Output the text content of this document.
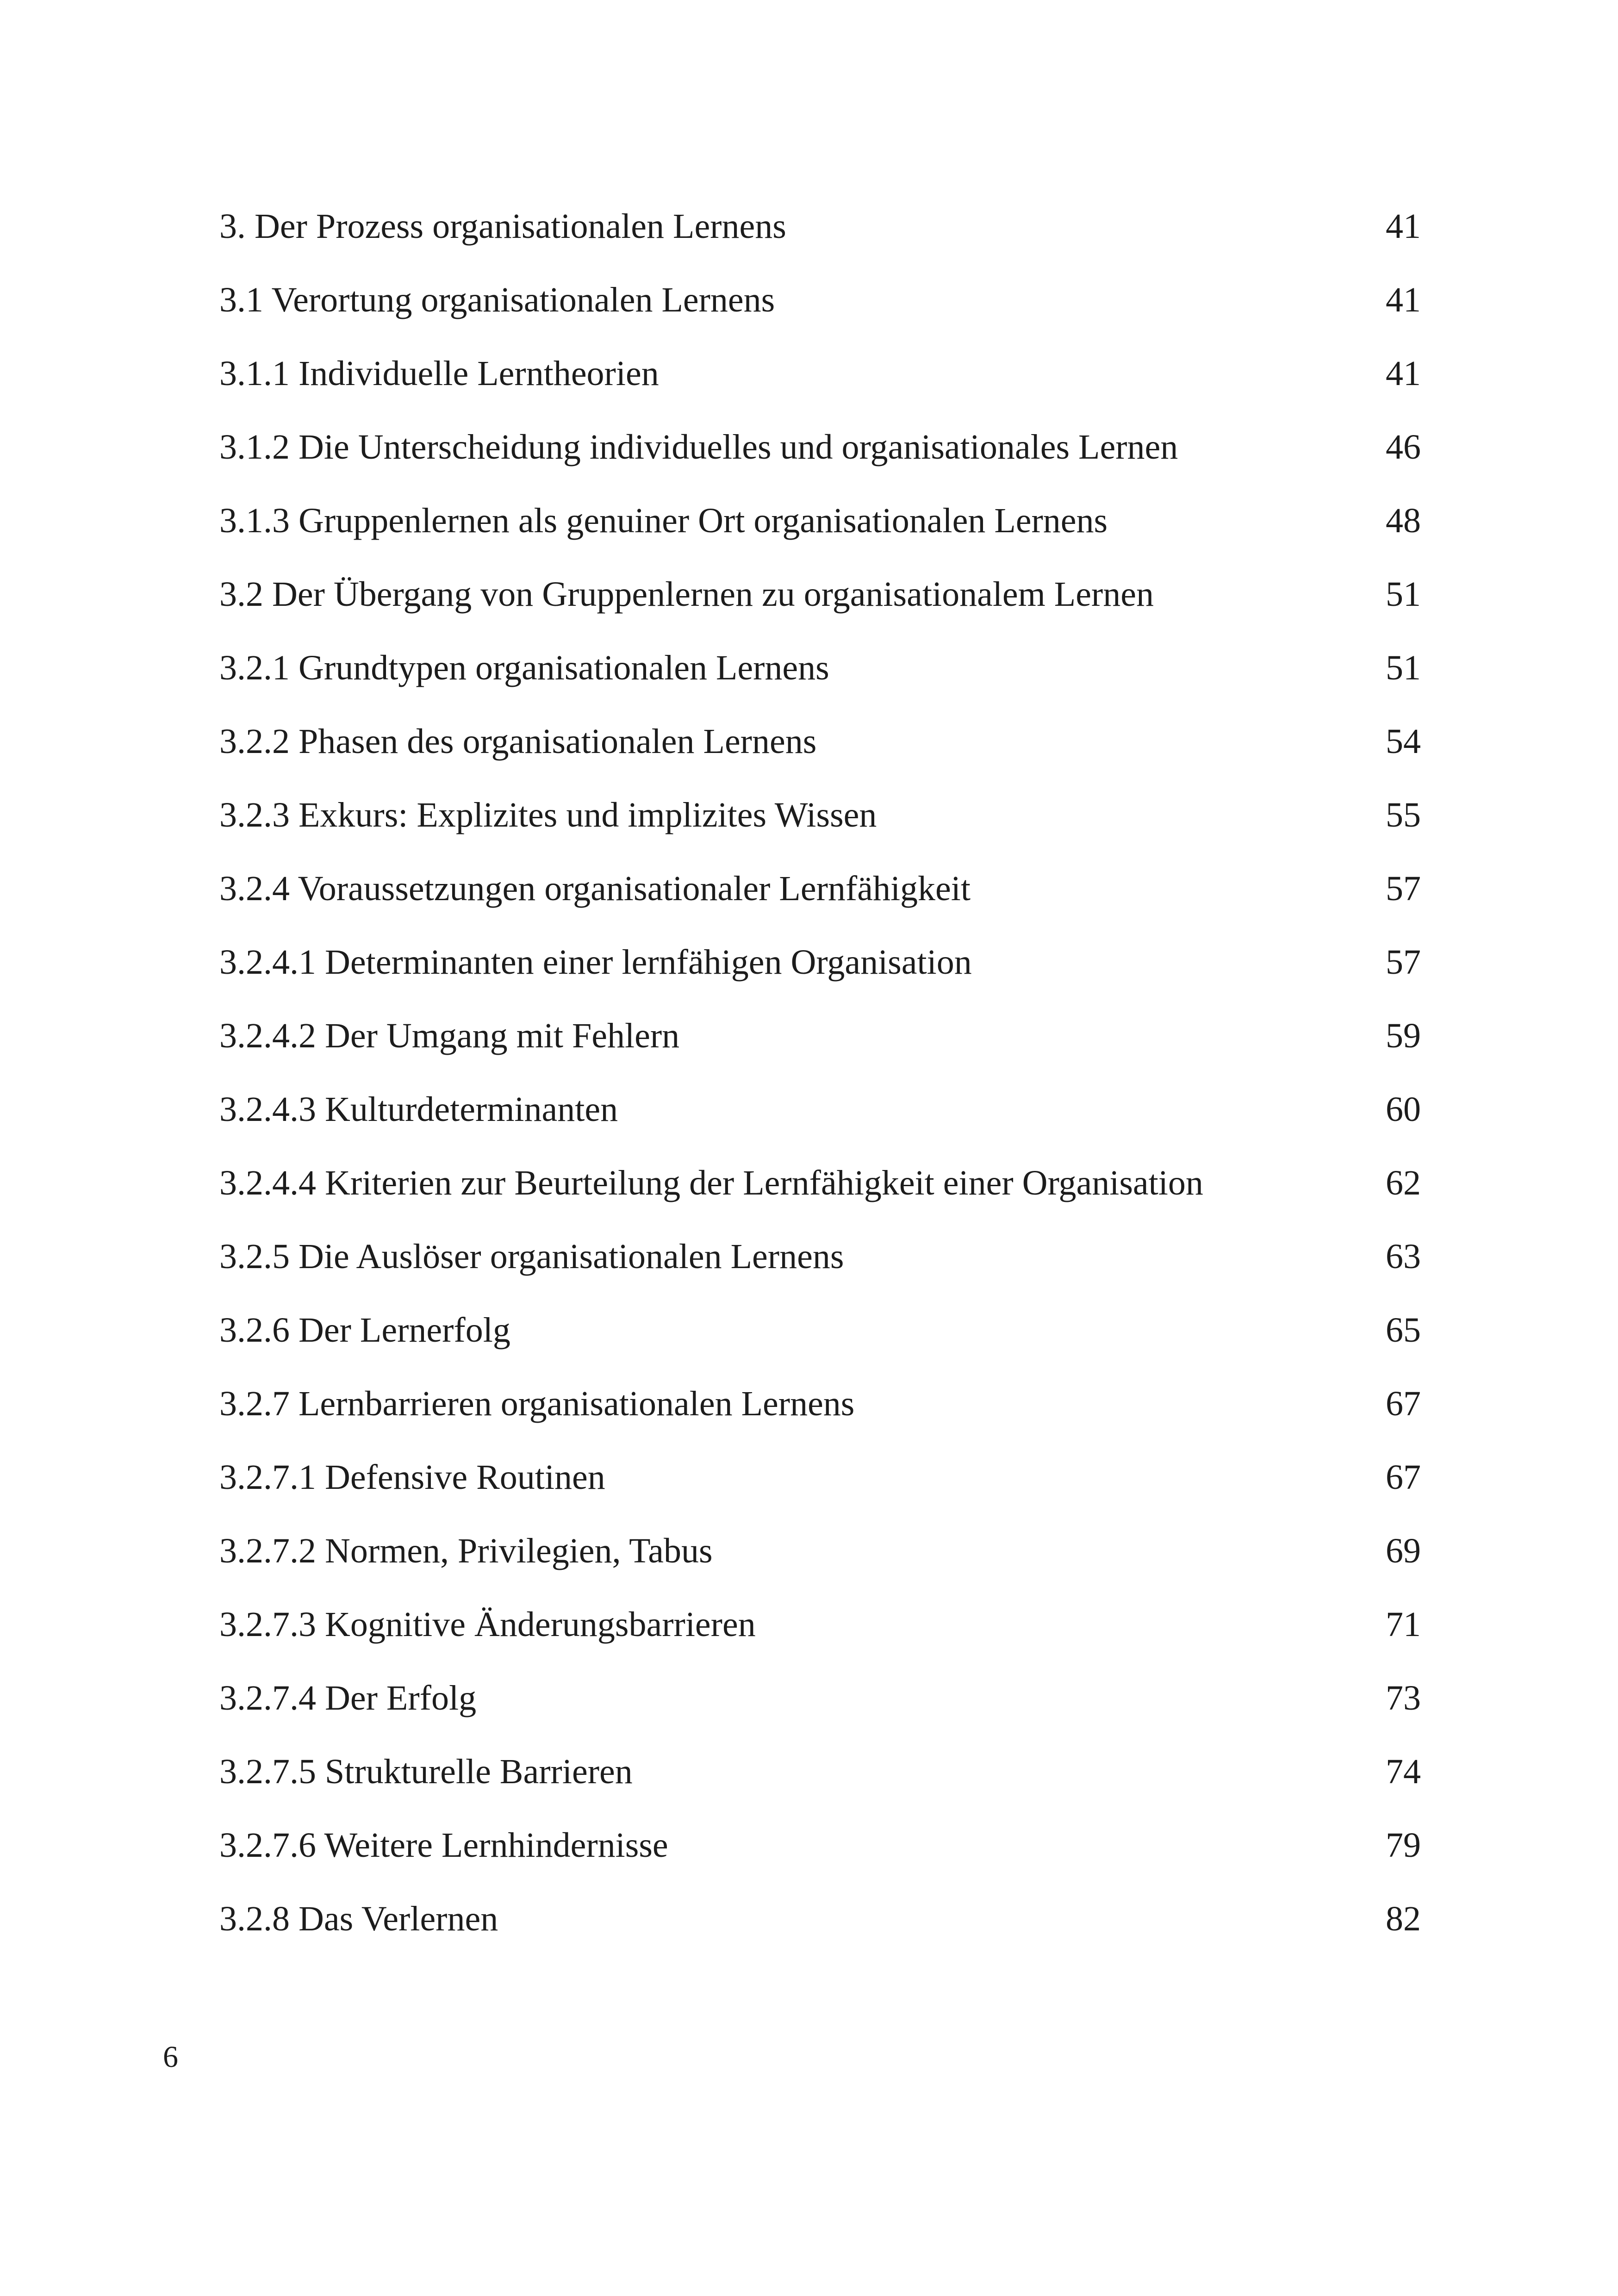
3. Der Prozess organisationalen Lernens	41
3.1 Verortung organisationalen Lernens	41
3.1.1 Individuelle Lerntheorien	41
3.1.2 Die Unterscheidung individuelles und organisationales Lernen	46
3.1.3 Gruppenlernen als genuiner Ort organisationalen Lernens	48
3.2 Der Übergang von Gruppenlernen zu organisationalem Lernen	51
3.2.1 Grundtypen organisationalen Lernens	51
3.2.2 Phasen des organisationalen Lernens	54
3.2.3 Exkurs: Explizites und implizites Wissen	55
3.2.4 Voraussetzungen organisationaler Lernfähigkeit	57
3.2.4.1 Determinanten einer lernfähigen Organisation	57
3.2.4.2 Der Umgang mit Fehlern	59
3.2.4.3 Kulturdeterminanten	60
3.2.4.4 Kriterien zur Beurteilung der Lernfähigkeit einer Organisation	62
3.2.5 Die Auslöser organisationalen Lernens	63
3.2.6 Der Lernerfolg	65
3.2.7 Lernbarrieren organisationalen Lernens	67
3.2.7.1 Defensive Routinen	67
3.2.7.2 Normen, Privilegien, Tabus	69
3.2.7.3 Kognitive Änderungsbarrieren	71
3.2.7.4 Der Erfolg	73
3.2.7.5 Strukturelle Barrieren	74
3.2.7.6 Weitere Lernhindernisse	79
3.2.8 Das Verlernen	82
6
